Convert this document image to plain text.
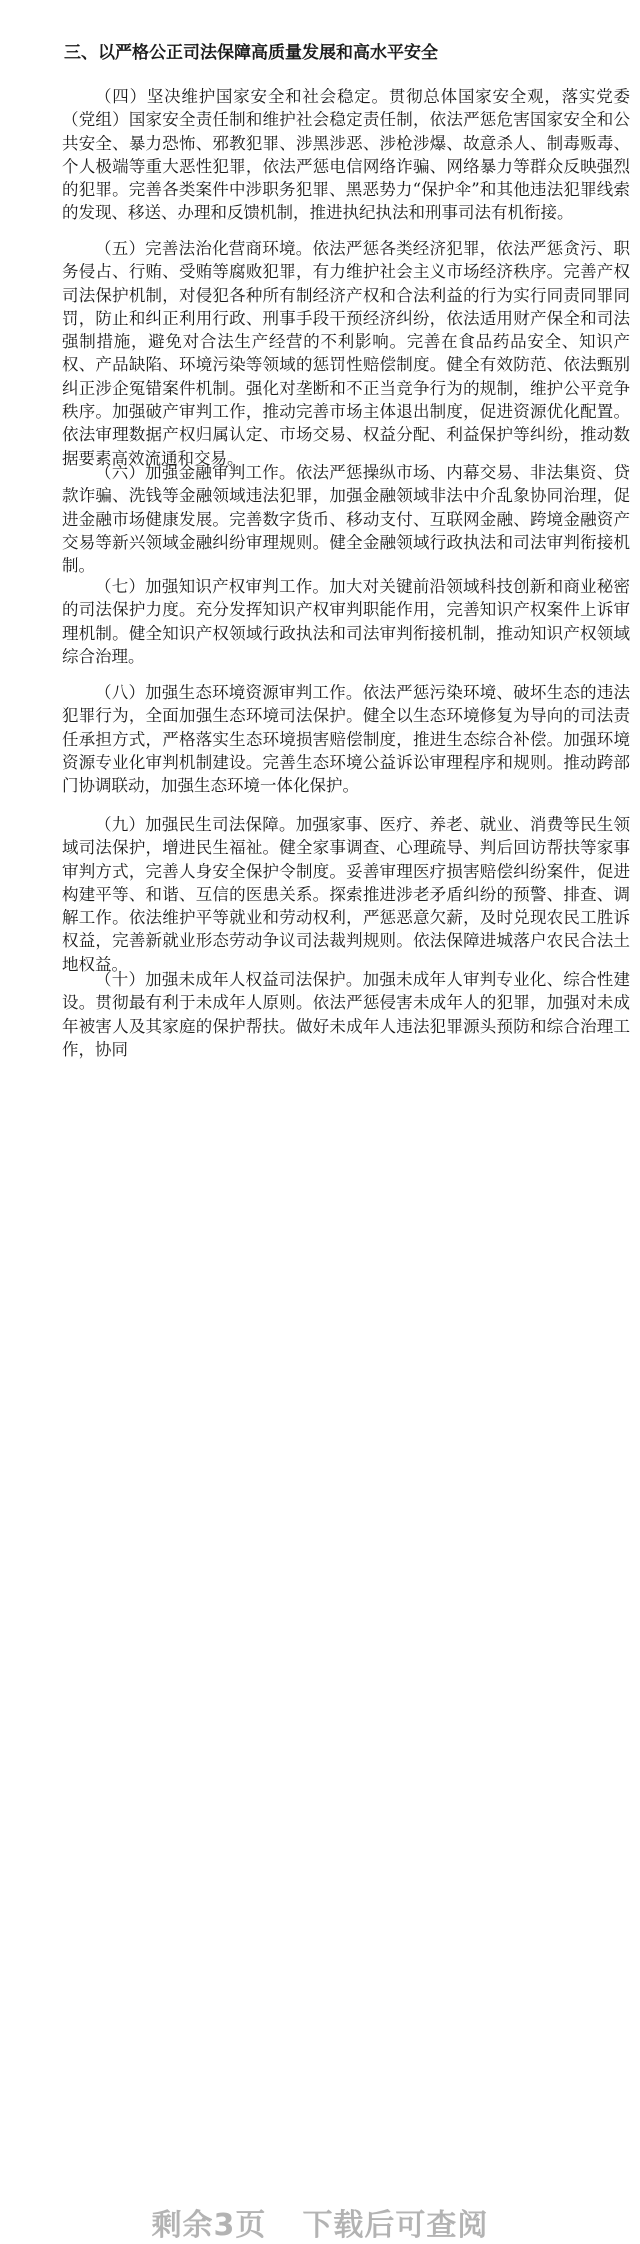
三、以严格公正司法保障高质量发展和高水平安全

（四）坚决维护国家安全和社会稳定。贯彻总体国家安全观，落实党委（党组）国家安全责任制和维护社会稳定责任制，依法严惩危害国家安全和公共安全、暴力恐怖、邪教犯罪、涉黑涉恶、涉枪涉爆、故意杀人、制毒贩毒、个人极端等重大恶性犯罪，依法严惩电信网络诈骗、网络暴力等群众反映强烈的犯罪。完善各类案件中涉职务犯罪、黑恶势力“保护伞”和其他违法犯罪线索的发现、移送、办理和反馈机制，推进执纪执法和刑事司法有机衔接。

（五）完善法治化营商环境。依法严惩各类经济犯罪，依法严惩贪污、职务侵占、行贿、受贿等腐败犯罪，有力维护社会主义市场经济秩序。完善产权司法保护机制，对侵犯各种所有制经济产权和合法利益的行为实行同责同罪同罚，防止和纠正利用行政、刑事手段干预经济纠纷，依法适用财产保全和司法强制措施，避免对合法生产经营的不利影响。完善在食品药品安全、知识产权、产品缺陷、环境污染等领域的惩罚性赔偿制度。健全有效防范、依法甄别纠正涉企冤错案件机制。强化对垄断和不正当竞争行为的规制，维护公平竞争秩序。加强破产审判工作，推动完善市场主体退出制度，促进资源优化配置。依法审理数据产权归属认定、市场交易、权益分配、利益保护等纠纷，推动数据要素高效流通和交易。

（六）加强金融审判工作。依法严惩操纵市场、内幕交易、非法集资、贷款诈骗、洗钱等金融领域违法犯罪，加强金融领域非法中介乱象协同治理，促进金融市场健康发展。完善数字货币、移动支付、互联网金融、跨境金融资产交易等新兴领域金融纠纷审理规则。健全金融领域行政执法和司法审判衔接机制。

（七）加强知识产权审判工作。加大对关键前沿领域科技创新和商业秘密的司法保护力度。充分发挥知识产权审判职能作用，完善知识产权案件上诉审理机制。健全知识产权领域行政执法和司法审判衔接机制，推动知识产权领域综合治理。

（八）加强生态环境资源审判工作。依法严惩污染环境、破坏生态的违法犯罪行为，全面加强生态环境司法保护。健全以生态环境修复为导向的司法责任承担方式，严格落实生态环境损害赔偿制度，推进生态综合补偿。加强环境资源专业化审判机制建设。完善生态环境公益诉讼审理程序和规则。推动跨部门协调联动，加强生态环境一体化保护。

（九）加强民生司法保障。加强家事、医疗、养老、就业、消费等民生领域司法保护，增进民生福祉。健全家事调查、心理疏导、判后回访帮扶等家事审判方式，完善人身安全保护令制度。妥善审理医疗损害赔偿纠纷案件，促进构建平等、和谐、互信的医患关系。探索推进涉老矛盾纠纷的预警、排查、调解工作。依法维护平等就业和劳动权利，严惩恶意欠薪，及时兑现农民工胜诉权益，完善新就业形态劳动争议司法裁判规则。依法保障进城落户农民合法土地权益。

（十）加强未成年人权益司法保护。加强未成年人审判专业化、综合性建设。贯彻最有利于未成年人原则。依法严惩侵害未成年人的犯罪，加强对未成年被害人及其家庭的保护帮扶。做好未成年人违法犯罪源头预防和综合治理工作，协同

剩余3页 下载后可查阅
